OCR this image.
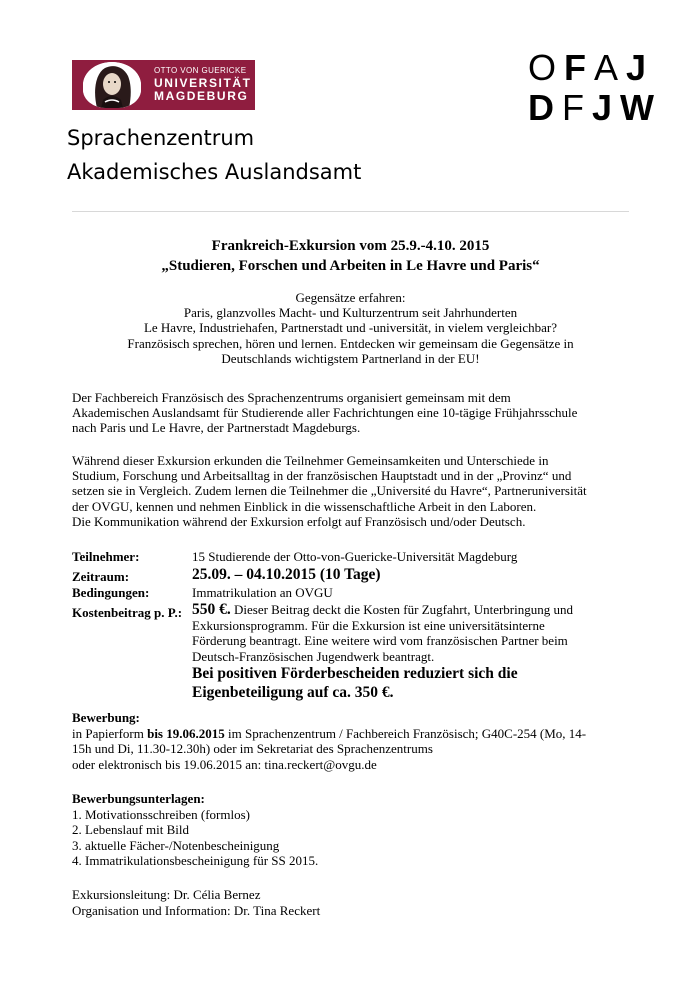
OTTO VON GUERICKE
UNIVERSITÄT
MAGDEBURG
OFAJ
DFJW
Sprachenzentrum
Akademisches Auslandsamt
Frankreich-Exkursion vom 25.9.-4.10. 2015
„Studieren, Forschen und Arbeiten in Le Havre und Paris“
Gegensätze erfahren:
Paris, glanzvolles Macht- und Kulturzentrum seit Jahrhunderten
Le Havre, Industriehafen, Partnerstadt und -universität, in vielem vergleichbar?
Französisch sprechen, hören und lernen. Entdecken wir gemeinsam die Gegensätze in
Deutschlands wichtigstem Partnerland in der EU!
Der Fachbereich Französisch des Sprachenzentrums organisiert gemeinsam mit dem
Akademischen Auslandsamt für Studierende aller Fachrichtungen eine 10-tägige Frühjahrsschule
nach Paris und Le Havre, der Partnerstadt Magdeburgs.
Während dieser Exkursion erkunden die Teilnehmer Gemeinsamkeiten und Unterschiede in
Studium, Forschung und Arbeitsalltag in der französischen Hauptstadt und in der „Provinz“ und
setzen sie in Vergleich. Zudem lernen die Teilnehmer die „Université du Havre“, Partneruniversität
der OVGU, kennen und nehmen Einblick in die wissenschaftliche Arbeit in den Laboren.
Die Kommunikation während der Exkursion erfolgt auf Französisch und/oder Deutsch.
Teilnehmer:	15 Studierende der Otto-von-Guericke-Universität Magdeburg
Zeitraum:	25.09. – 04.10.2015 (10 Tage)
Bedingungen:	Immatrikulation an OVGU
Kostenbeitrag p. P.: 550 €. Dieser Beitrag deckt die Kosten für Zugfahrt, Unterbringung und
Exkursionsprogramm. Für die Exkursion ist eine universitätsinterne
Förderung beantragt. Eine weitere wird vom französischen Partner beim
Deutsch-Französischen Jugendwerk beantragt.
Bei positiven Förderbescheiden reduziert sich die
Eigenbeteiligung auf ca. 350 €.
Bewerbung:
in Papierform bis 19.06.2015 im Sprachenzentrum / Fachbereich Französisch; G40C-254 (Mo, 14-
15h und Di, 11.30-12.30h) oder im Sekretariat des Sprachenzentrums
oder elektronisch bis 19.06.2015 an: tina.reckert@ovgu.de
Bewerbungsunterlagen:
1. Motivationsschreiben (formlos)
2. Lebenslauf mit Bild
3. aktuelle Fächer-/Notenbescheinigung
4. Immatrikulationsbescheinigung für SS 2015.
Exkursionsleitung: Dr. Célia Bernez
Organisation und Information: Dr. Tina Reckert
